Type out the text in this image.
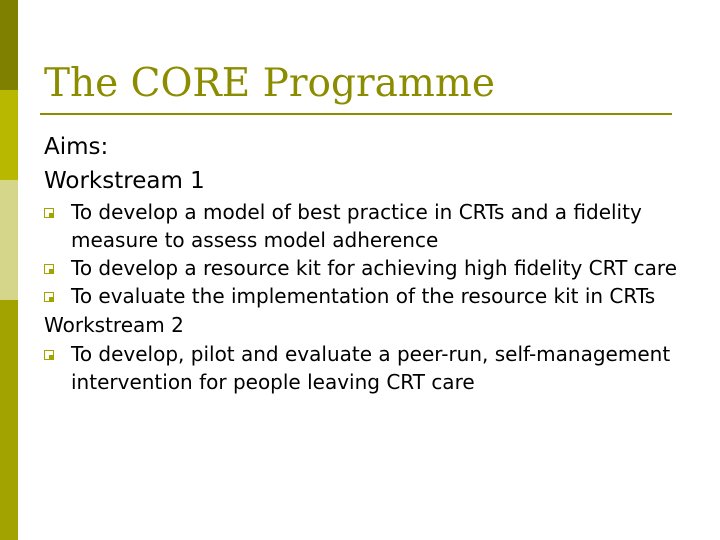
The CORE Programme
Aims:
Workstream 1
To develop a model of best practice in CRTs and a fidelity measure to assess model adherence
To develop a resource kit for achieving high fidelity CRT care
To evaluate the implementation of the resource kit in CRTs
Workstream 2
To develop, pilot and evaluate a peer-run, self-management intervention for people leaving CRT care
